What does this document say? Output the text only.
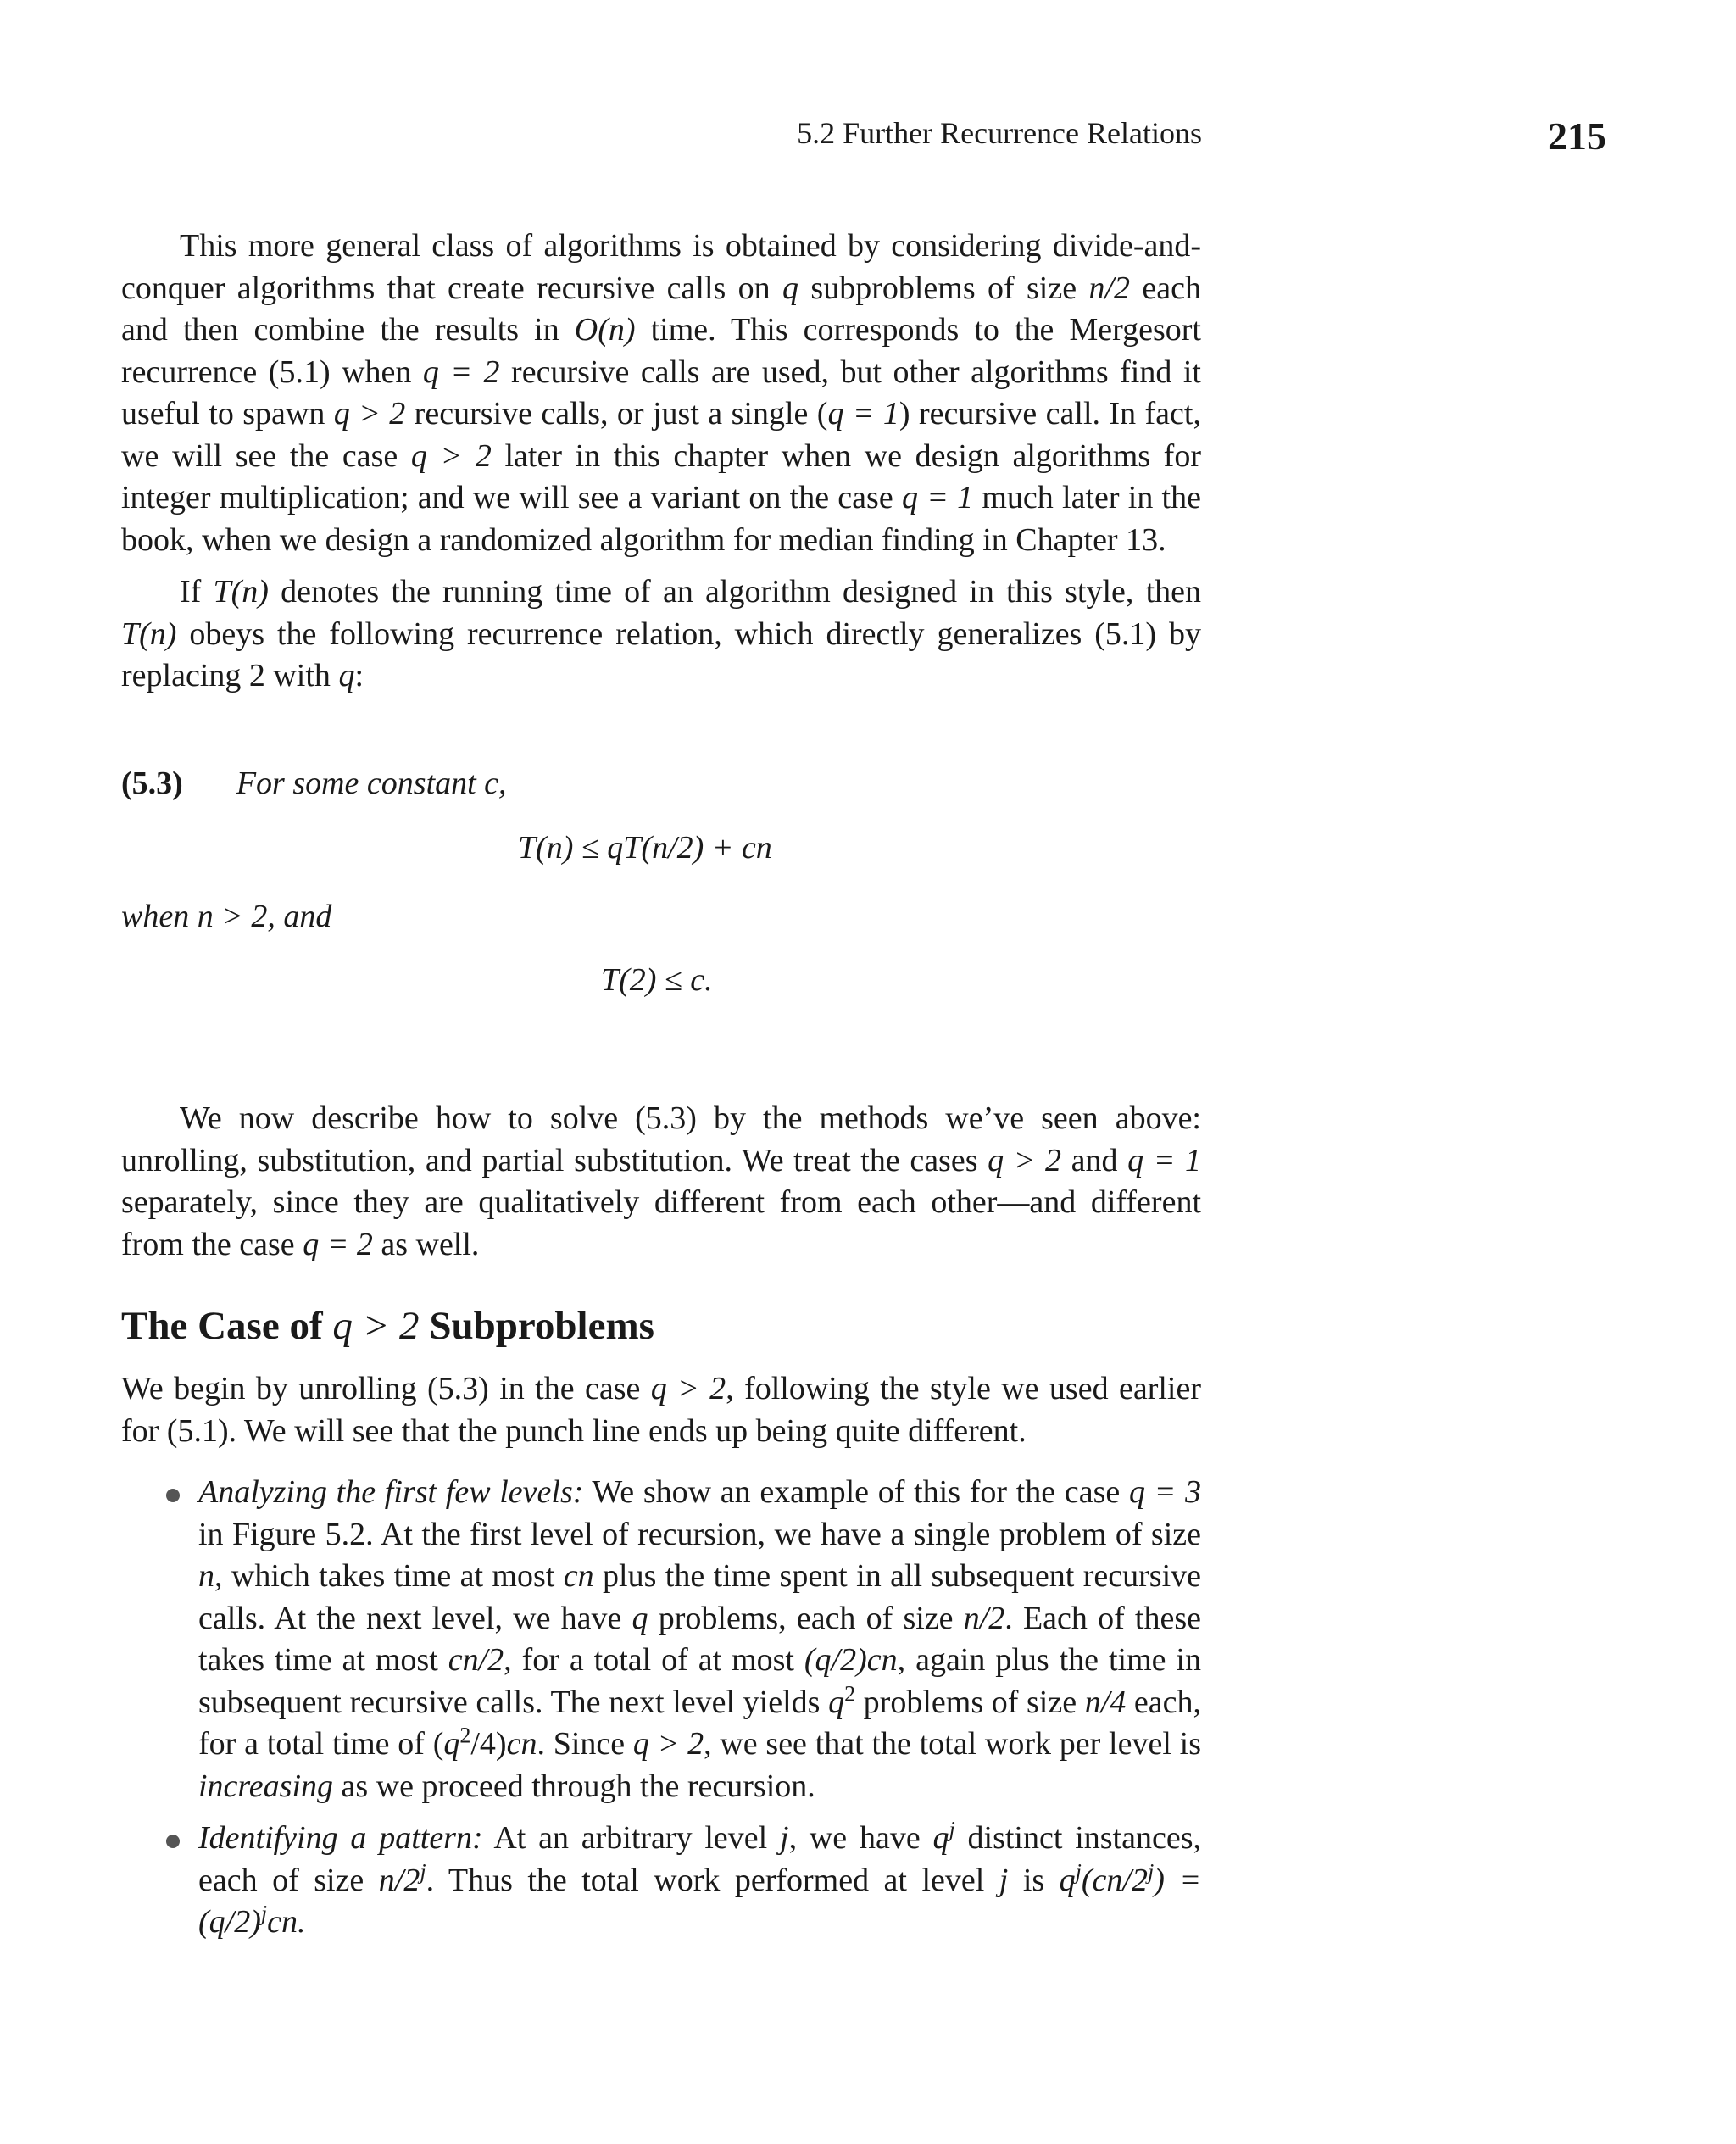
5.2 Further Recurrence Relations	215

This more general class of algorithms is obtained by considering divide-and-conquer algorithms that create recursive calls on q subproblems of size n/2 each and then combine the results in O(n) time. This corresponds to the Mergesort recurrence (5.1) when q = 2 recursive calls are used, but other algorithms find it useful to spawn q > 2 recursive calls, or just a single (q = 1) recursive call. In fact, we will see the case q > 2 later in this chapter when we design algorithms for integer multiplication; and we will see a variant on the case q = 1 much later in the book, when we design a randomized algorithm for median finding in Chapter 13.

If T(n) denotes the running time of an algorithm designed in this style, then T(n) obeys the following recurrence relation, which directly generalizes (5.1) by replacing 2 with q:

(5.3) For some constant c,
T(n) ≤ qT(n/2) + cn
when n > 2, and
T(2) ≤ c.

We now describe how to solve (5.3) by the methods we’ve seen above: unrolling, substitution, and partial substitution. We treat the cases q > 2 and q = 1 separately, since they are qualitatively different from each other—and different from the case q = 2 as well.

The Case of q > 2 Subproblems

We begin by unrolling (5.3) in the case q > 2, following the style we used earlier for (5.1). We will see that the punch line ends up being quite different.

Analyzing the first few levels: We show an example of this for the case q = 3 in Figure 5.2. At the first level of recursion, we have a single problem of size n, which takes time at most cn plus the time spent in all subsequent recursive calls. At the next level, we have q problems, each of size n/2. Each of these takes time at most cn/2, for a total of at most (q/2)cn, again plus the time in subsequent recursive calls. The next level yields $q^2$ problems of size n/4 each, for a total time of $(q^2/4)cn$. Since q > 2, we see that the total work per level is increasing as we proceed through the recursion.
Identifying a pattern: At an arbitrary level j, we have $q^j$ distinct instances, each of size n/2$^j$. Thus the total work performed at level j is $q^j(cn/2^j) = (q/2)^jcn$.
